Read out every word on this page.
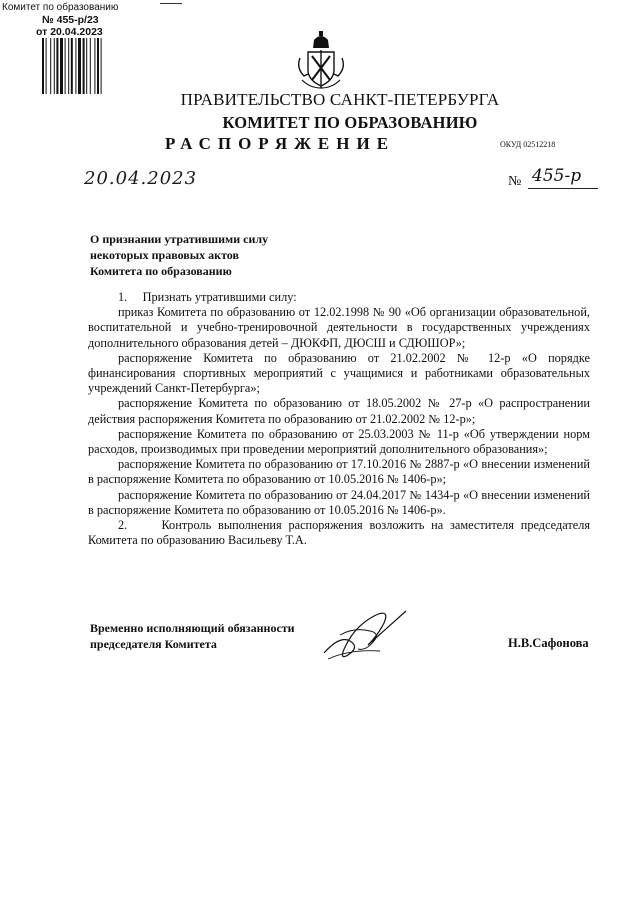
Комитет по образованию
№ 455-р/23
от 20.04.2023
ПРАВИТЕЛЬСТВО САНКТ-ПЕТЕРБУРГА
КОМИТЕТ ПО ОБРАЗОВАНИЮ
РАСПОРЯЖЕНИЕ	ОКУД 02512218
20.04.2023	№ 455-р
О признании утратившими силу
некоторых правовых актов
Комитета по образованию

1.     Признать утратившими силу:

приказ Комитета по образованию от 12.02.1998 № 90 «Об организации образовательной, воспитательной и учебно-тренировочной деятельности в государственных учреждениях дополнительного образования детей – ДЮКФП, ДЮСШ и СДЮШОР»;

распоряжение Комитета по образованию от 21.02.2002 № 12-р «О порядке финансирования спортивных мероприятий с учащимися и работниками образовательных учреждений Санкт-Петербурга»;

распоряжение Комитета по образованию от 18.05.2002 № 27-р «О распространении действия распоряжения Комитета по образованию от 21.02.2002 № 12-р»;

распоряжение Комитета по образованию от 25.03.2003 № 11-р «Об утверждении норм расходов, производимых при проведении мероприятий дополнительного образования»;

распоряжение Комитета по образованию от 17.10.2016 № 2887-р «О внесении изменений в распоряжение Комитета по образованию от 10.05.2016 № 1406-р»;

распоряжение Комитета по образованию от 24.04.2017 № 1434-р «О внесении изменений в распоряжение Комитета по образованию от 10.05.2016 № 1406-р».

2.     Контроль выполнения распоряжения возложить на заместителя председателя Комитета по образованию Васильеву Т.А.

Временно исполняющий обязанности
председателя Комитета	Н.В.Сафонова
